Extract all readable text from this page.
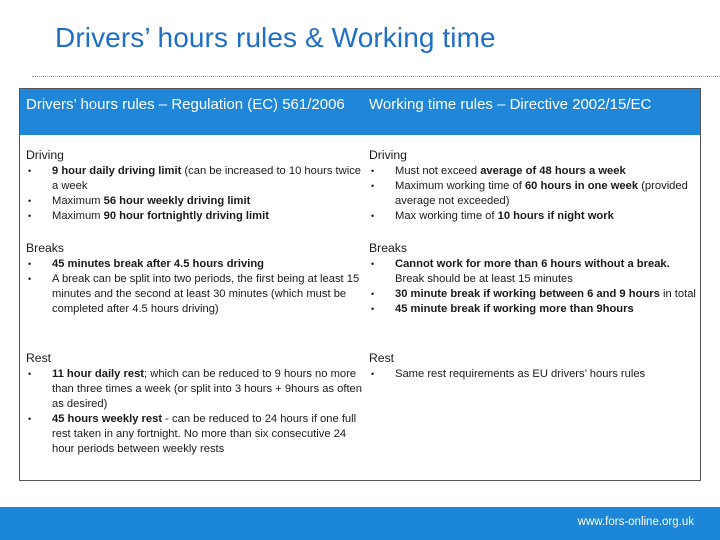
Drivers’ hours rules & Working time
Drivers’ hours rules – Regulation (EC) 561/2006 Working time rules – Directive 2002/15/EC
Driving
• 9 hour daily driving limit (can be increased to 10 hours twice a week
• Maximum 56 hour weekly driving limit
• Maximum 90 hour fortnightly driving limit
Breaks
• 45 minutes break after 4.5 hours driving
• A break can be split into two periods, the first being at least 15 minutes and the second at least 30 minutes (which must be completed after 4.5 hours driving)
Rest
• 11 hour daily rest; which can be reduced to 9 hours no more than three times a week (or split into 3 hours + 9hours as often as desired)
• 45 hours weekly rest - can be reduced to 24 hours if one full rest taken in any fortnight. No more than six consecutive 24 hour periods between weekly rests
Driving
• Must not exceed average of 48 hours a week
• Maximum working time of 60 hours in one week (provided average not exceeded)
• Max working time of 10 hours if night work
Breaks
• Cannot work for more than 6 hours without a break. Break should be at least 15 minutes
• 30 minute break if working between 6 and 9 hours in total
• 45 minute break if working more than 9hours
Rest
• Same rest requirements as EU drivers’ hours rules
www.fors-online.org.uk
